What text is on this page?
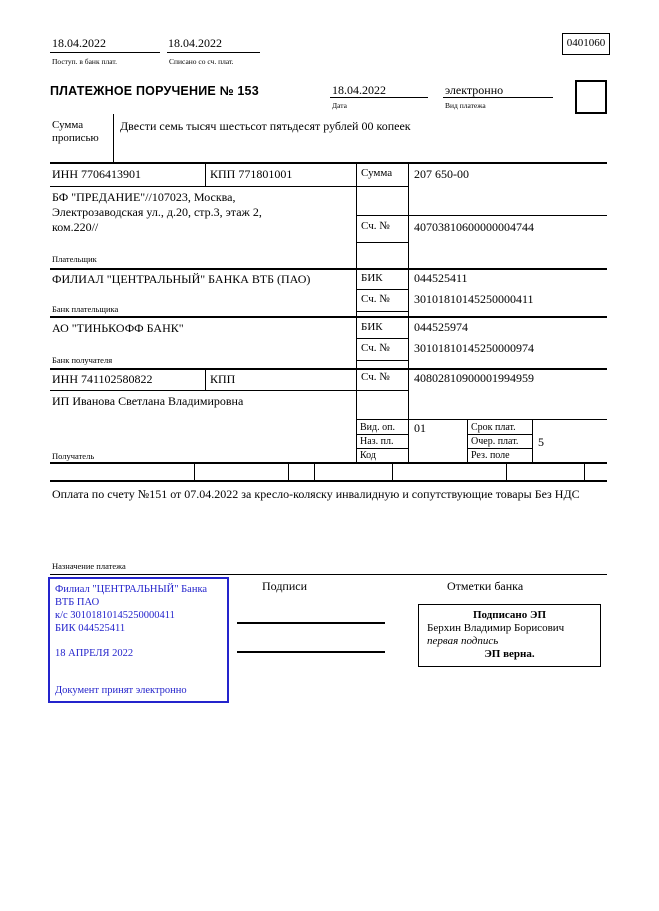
18.04.2022
Поступ. в банк плат.
18.04.2022
Списано со сч. плат.
0401060
ПЛАТЕЖНОЕ ПОРУЧЕНИЕ № 153	18.04.2022
Дата
электронно
Вид платежа
Сумма прописью
Двести семь тысяч шестьсот пятьдесят рублей 00 копеек
ИНН 7706413901	КПП 771801001
БФ "ПРЕДАНИЕ"//107023, Москва, Электрозаводская ул., д.20, стр.3, этаж 2, ком.220//
Плательщик
Сумма 207 650-00
Сч. № 40703810600000004744
ФИЛИАЛ "ЦЕНТРАЛЬНЫЙ" БАНКА ВТБ (ПАО)
Банк плательщика
БИК	044525411
Сч. № 30101810145250000411
АО "ТИНЬКОФФ БАНК"
Банк получателя
БИК	044525974
Сч. № 30101810145250000974
ИНН 741102580822	КПП
ИП Иванова Светлана Владимировна
Получатель
Сч. № 40802810900001994959
Вид. оп. 01	Срок плат.
Наз. пл.	Очер. плат. 5
Код	Рез. поле
Оплата по счету №151 от 07.04.2022 за кресло-коляску инвалидную и сопутствующие товары Без НДС
Назначение платежа
Филиал "ЦЕНТРАЛЬНЫЙ" Банка ВТБ ПАО
к/с 30101810145250000411
БИК 044525411
18 АПРЕЛЯ 2022
Документ принят электронно
Подписи	Отметки банка
Подписано ЭП
Берхин Владимир Борисович
первая подпись
ЭП верна.
